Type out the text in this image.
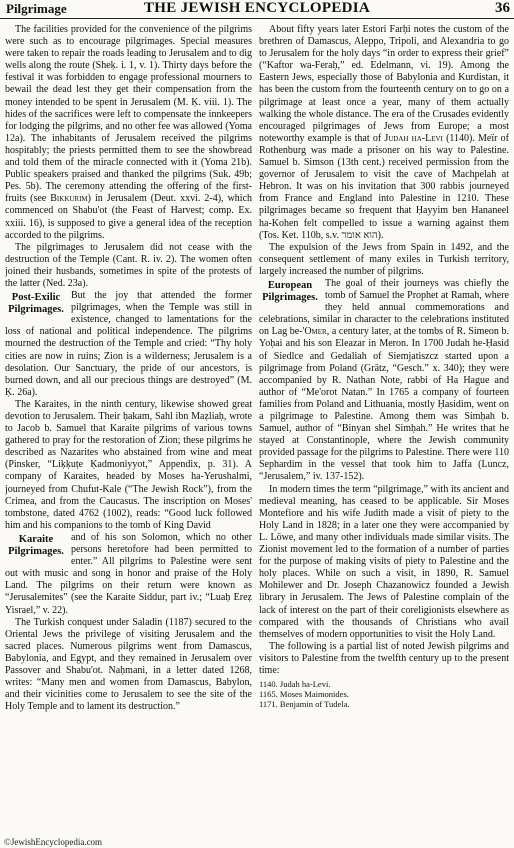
Pilgrimage	THE JEWISH ENCYCLOPEDIA	36

The facilities provided for the convenience of the pilgrims were such as to encourage pilgrimages. Special measures were taken to repair the roads leading to Jerusalem and to dig wells along the route (Sheḳ. i. 1, v. 1). Thirty days before the festival it was forbidden to engage professional mourners to bewail the dead lest they get their compensation from the money intended to be spent in Jerusalem (M. Ḳ. viii. 1). The hides of the sacrifices were left to compensate the innkeepers for lodging the pilgrims, and no other fee was allowed (Yoma 12a). The inhabitants of Jerusalem received the pilgrims hospitably; the priests permitted them to see the showbread and told them of the miracle connected with it (Yoma 21b). Public speakers praised and thanked the pilgrims (Suk. 49b; Pes. 5b). The ceremony attending the offering of the first-fruits (see Bikkurim) in Jerusalem (Deut. xxvi. 2-4), which commenced on Shabu'ot (the Feast of Harvest; comp. Ex. xxiii. 16), is supposed to give a general idea of the reception accorded to the pilgrims.

The pilgrimages to Jerusalem did not cease with the destruction of the Temple (Cant. R. iv. 2). The women often joined their husbands, sometimes in spite of the protests of the latter (Ned. 23a).

Post-Exilic Pilgrimages.

But the joy that attended the former pilgrimages, when the Temple was still in existence, changed to lamentations for the loss of national and political independence. The pilgrims mourned the destruction of the Temple and cried: “Thy holy cities are now in ruins; Zion is a wilderness; Jerusalem is a desolation. Our Sanctuary, the pride of our ancestors, is burned down, and all our precious things are destroyed” (M. Ḳ. 26a).

The Karaites, in the ninth century, likewise showed great devotion to Jerusalem. Their ḥakam, Sahl ibn Maẓliaḥ, wrote to Jacob b. Samuel that Karaite pilgrims of various towns gathered to pray for the restoration of Zion; these pilgrims he described as Nazarites who abstained from wine and meat (Pinsker, “Liḳḳuṭe Ḳadmoniyyot,” Appendix, p. 31). A company of Karaites, headed by Moses ha-Yerushalmi, journeyed from Chufut-Kale (“The Jewish Rock”), from the Crimea, and from the Caucasus. The inscription on Moses' tombstone, dated 4762 (1002), reads: “Good luck followed him and his companions to the tomb of King David

Karaite Pilgrimages.

and of his son Solomon, which no other persons heretofore had been permitted to enter.” All pilgrims to Palestine were sent out with music and song in honor and praise of the Holy Land. The pilgrims on their return were known as “Jerusalemites” (see the Karaite Siddur, part iv.; “Luaḥ Ereẓ Yisrael,” v. 22).

The Turkish conquest under Saladin (1187) secured to the Oriental Jews the privilege of visiting Jerusalem and the sacred places. Numerous pilgrims went from Damascus, Babylonia, and Egypt, and they remained in Jerusalem over Passover and Shabu'ot. Naḥmani, in a letter dated 1268, writes: “Many men and women from Damascus, Babylon, and their vicinities come to Jerusalem to see the site of the Holy Temple and to lament its destruction.”

About fifty years later Estori Farḥi notes the custom of the brethren of Damascus, Aleppo, Tripoli, and Alexandria to go to Jerusalem for the holy days “in order to express their grief” (“Kaftor wa-Feraḥ,” ed. Edelmann, vi. 19). Among the Eastern Jews, especially those of Babylonia and Kurdistan, it has been the custom from the fourteenth century on to go on a pilgrimage at least once a year, many of them actually walking the whole distance. The era of the Crusades evidently encouraged pilgrimages of Jews from Europe; a most noteworthy example is that of Judah ha-Levi (1140). Meïr of Rothenburg was made a prisoner on his way to Palestine. Samuel b. Simson (13th cent.) received permission from the governor of Jerusalem to visit the cave of Machpelah at Hebron. It was on his invitation that 300 rabbis journeyed from France and England into Palestine in 1210. These pilgrimages became so frequent that Ḥayyim ben Hananeel ha-Kohen felt compelled to issue a warning against them (Tos. Ket. 110b, s.v. הוא אומר).

The expulsion of the Jews from Spain in 1492, and the consequent settlement of many exiles in Turkish territory, largely increased the number of pilgrims.

European Pilgrimages.

The goal of their journeys was chiefly the tomb of Samuel the Prophet at Ramah, where they held annual commemorations and celebrations, similar in character to the celebrations instituted on Lag be-'Omer, a century later, at the tombs of R. Simeon b. Yoḥai and his son Eleazar in Meron. In 1700 Judah he-Ḥasid of Siedlce and Gedaliah of Siemjatiszcz started upon a pilgrimage from Poland (Grätz, “Gesch.” x. 340); they were accompanied by R. Nathan Note, rabbi of Ha Hague and author of “Me'orot Natan.” In 1765 a company of fourteen families from Poland and Lithuania, mostly Ḥasidim, went on a pilgrimage to Palestine. Among them was Simḥah b. Samuel, author of “Binyan shel Simḥah.” He writes that he stayed at Constantinople, where the Jewish community provided passage for the pilgrims to Palestine. There were 110 Sephardim in the vessel that took him to Jaffa (Luncz, “Jerusalem,” iv. 137-152).

In modern times the term “pilgrimage,” with its ancient and medieval meaning, has ceased to be applicable. Sir Moses Montefiore and his wife Judith made a visit of piety to the Holy Land in 1828; in a later one they were accompanied by L. Löwe, and many other individuals made similar visits. The Zionist movement led to the formation of a number of parties for the purpose of making visits of piety to Palestine and the holy places. While on such a visit, in 1890, R. Samuel Mohilewer and Dr. Joseph Chazanowicz founded a Jewish library in Jerusalem. The Jews of Palestine complain of the lack of interest on the part of their coreligionists elsewhere as compared with the thousands of Christians who avail themselves of modern opportunities to visit the Holy Land.

The following is a partial list of noted Jewish pilgrims and visitors to Palestine from the twelfth century up to the present time:

1140. Judah ha-Levi.
1165. Moses Maimonides.
1171. Benjamin of Tudela.
©JewishEncyclopedia.com
